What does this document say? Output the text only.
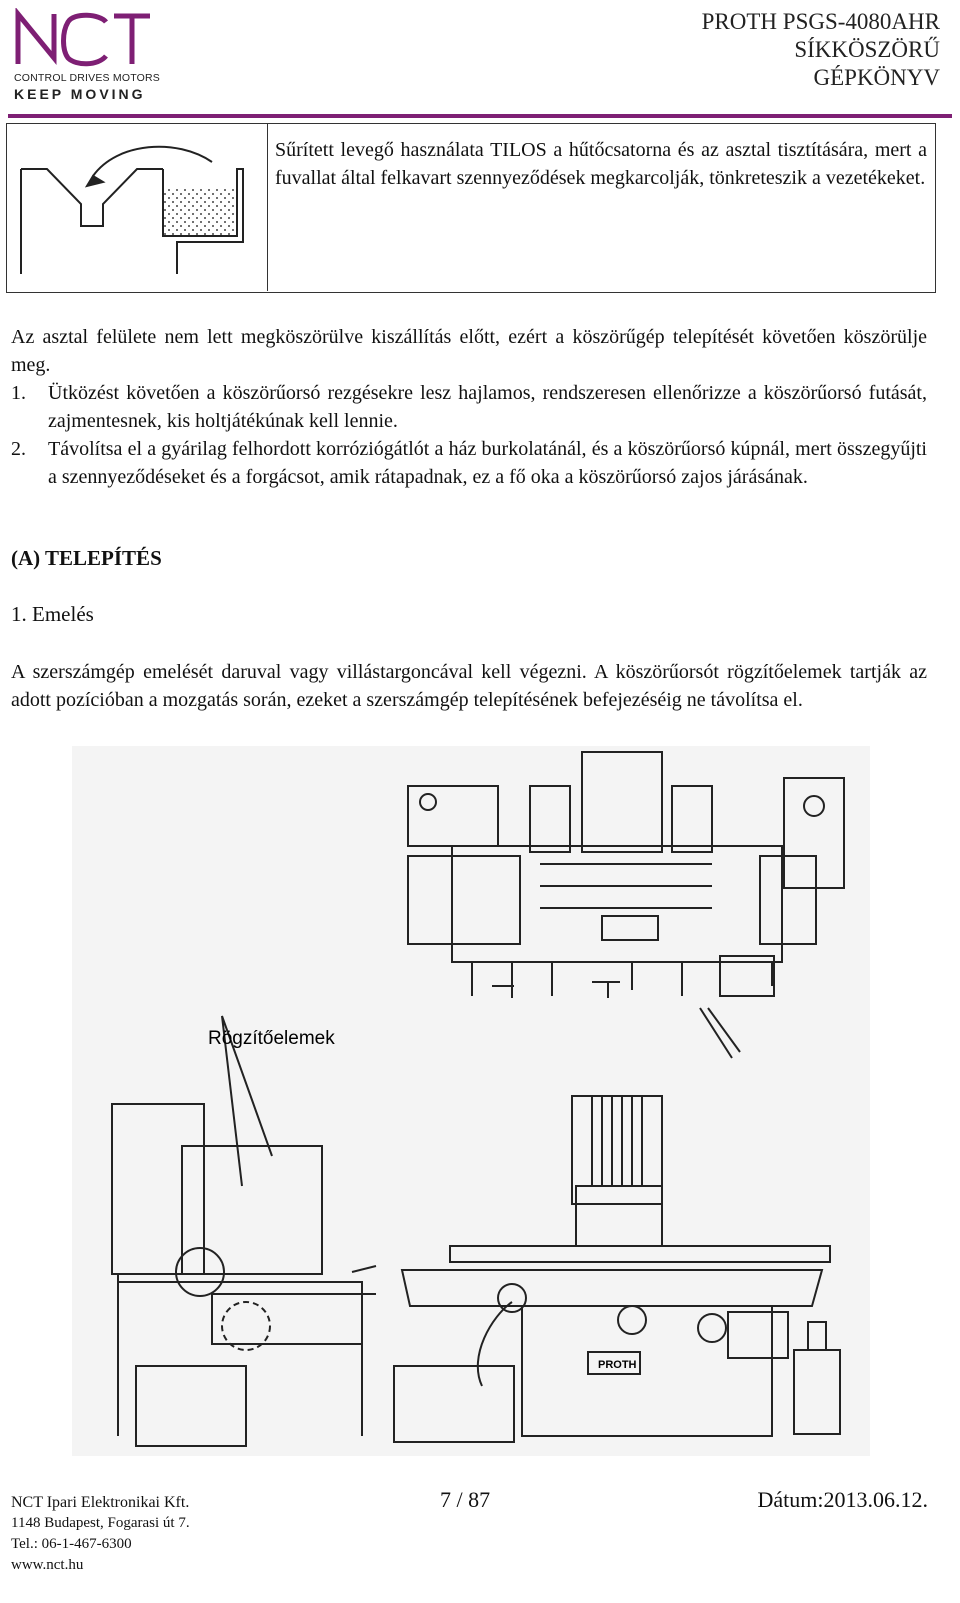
CONTROL DRIVES MOTORS
KEEP MOVING
PROTH PSGS-4080AHR
SÍKKÖSZÖRŰ
GÉPKÖNYV
Sűrített levegő használata TILOS a hűtőcsatorna és az asztal tisztítására, mert a fuvallat által felkavart szennyeződések megkarcolják, tönkreteszik a vezetékeket.
Az asztal felülete nem lett megköszörülve kiszállítás előtt, ezért a köszörűgép telepítését követően köszörülje meg.
1. Ütközést követően a köszörűorsó rezgésekre lesz hajlamos, rendszeresen ellenőrizze a köszörűorsó futását, zajmentesnek, kis holtjátékúnak kell lennie.
2. Távolítsa el a gyárilag felhordott korróziógátlót a ház burkolatánál, és a köszörűorsó kúpnál, mert összegyűjti a szennyeződéseket és a forgácsot, amik rátapadnak, ez a fő oka a köszörűorsó zajos járásának.
(A) TELEPÍTÉS
1. Emelés
A szerszámgép emelését daruval vagy villástargoncával kell végezni. A köszörűorsót rögzítőelemek tartják az adott pozícióban a mozgatás során, ezeket a szerszámgép telepítésének befejezéséig ne távolítsa el.
Rögzítőelemek
PROTH
NCT Ipari Elektronikai Kft.
1148 Budapest, Fogarasi út 7.
Tel.: 06-1-467-6300
www.nct.hu
7 / 87	Dátum:2013.06.12.
